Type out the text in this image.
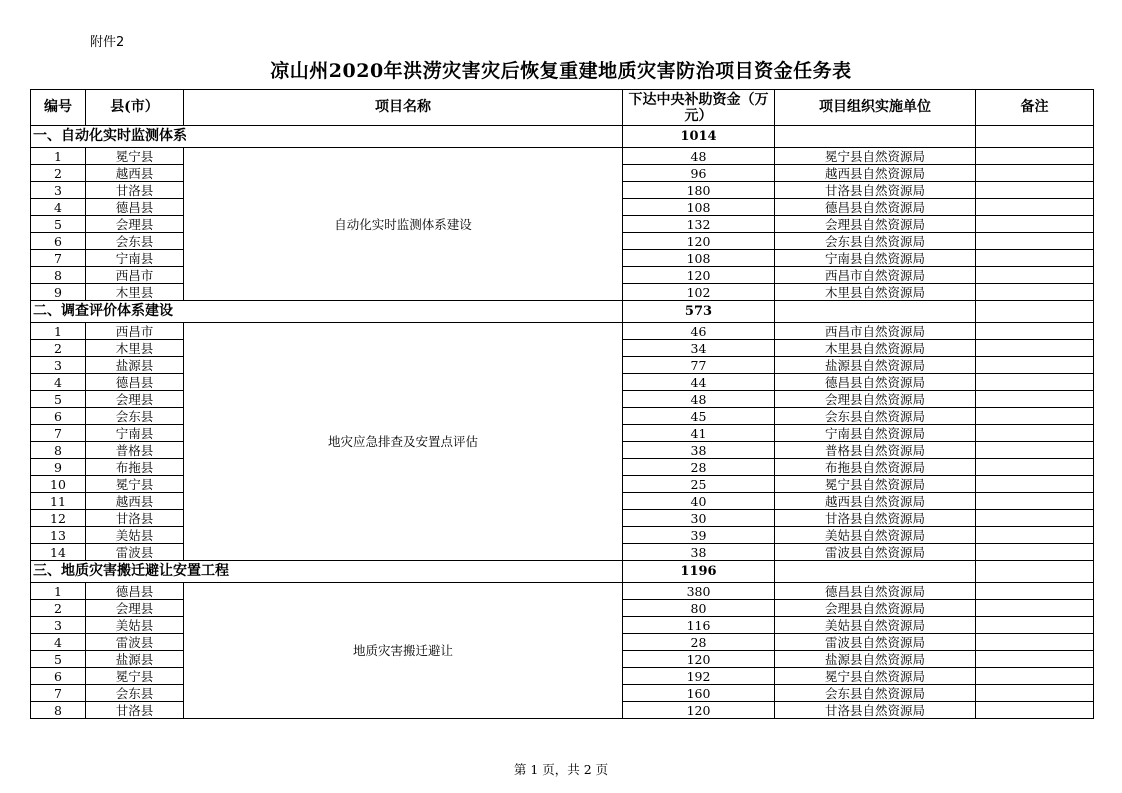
附件2
凉山州2020年洪涝灾害灾后恢复重建地质灾害防治项目资金任务表
编号	县(市）	项目名称	下达中央补助资金（万元）	项目组织实施单位	备注
一、自动化实时监测体系			1014		
1	冕宁县	自动化实时监测体系建设	48	冕宁县自然资源局	
2	越西县		96	越西县自然资源局	
3	甘洛县		180	甘洛县自然资源局	
4	德昌县		108	德昌县自然资源局	
5	会理县		132	会理县自然资源局	
6	会东县		120	会东县自然资源局	
7	宁南县		108	宁南县自然资源局	
8	西昌市		120	西昌市自然资源局	
9	木里县		102	木里县自然资源局	
二、调查评价体系建设			573		
1	西昌市	地灾应急排查及安置点评估	46	西昌市自然资源局	
2	木里县		34	木里县自然资源局	
3	盐源县		77	盐源县自然资源局	
4	德昌县		44	德昌县自然资源局	
5	会理县		48	会理县自然资源局	
6	会东县		45	会东县自然资源局	
7	宁南县		41	宁南县自然资源局	
8	普格县		38	普格县自然资源局	
9	布拖县		28	布拖县自然资源局	
10	冕宁县		25	冕宁县自然资源局	
11	越西县		40	越西县自然资源局	
12	甘洛县		30	甘洛县自然资源局	
13	美姑县		39	美姑县自然资源局	
14	雷波县		38	雷波县自然资源局	
三、地质灾害搬迁避让安置工程			1196		
1	德昌县	地质灾害搬迁避让	380	德昌县自然资源局	
2	会理县		80	会理县自然资源局	
3	美姑县		116	美姑县自然资源局	
4	雷波县		28	雷波县自然资源局	
5	盐源县		120	盐源县自然资源局	
6	冕宁县		192	冕宁县自然资源局	
7	会东县		160	会东县自然资源局	
8	甘洛县		120	甘洛县自然资源局	
第 1 页，共 2 页
